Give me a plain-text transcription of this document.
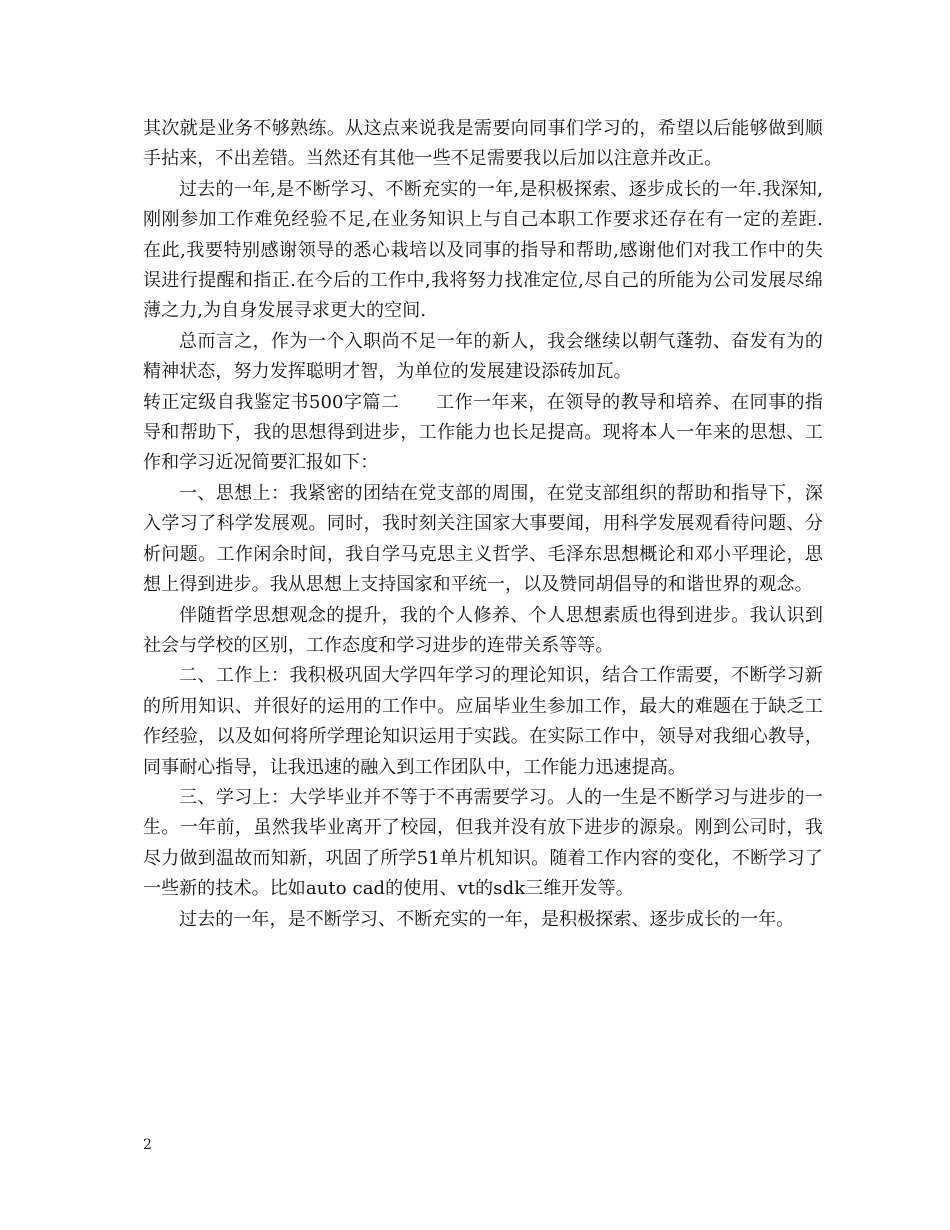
其次就是业务不够熟练。从这点来说我是需要向同事们学习的，希望以后能够做到顺手拈来，不出差错。当然还有其他一些不足需要我以后加以注意并改正。

过去的一年,是不断学习、不断充实的一年,是积极探索、逐步成长的一年.我深知,刚刚参加工作难免经验不足,在业务知识上与自己本职工作要求还存在有一定的差距.在此,我要特别感谢领导的悉心栽培以及同事的指导和帮助,感谢他们对我工作中的失误进行提醒和指正.在今后的工作中,我将努力找准定位,尽自己的所能为公司发展尽绵薄之力,为自身发展寻求更大的空间.

总而言之，作为一个入职尚不足一年的新人，我会继续以朝气蓬勃、奋发有为的精神状态，努力发挥聪明才智，为单位的发展建设添砖加瓦。

转正定级自我鉴定书500字篇二　　工作一年来，在领导的教导和培养、在同事的指导和帮助下，我的思想得到进步，工作能力也长足提高。现将本人一年来的思想、工作和学习近况简要汇报如下：

一、思想上：我紧密的团结在党支部的周围，在党支部组织的帮助和指导下，深入学习了科学发展观。同时，我时刻关注国家大事要闻，用科学发展观看待问题、分析问题。工作闲余时间，我自学马克思主义哲学、毛泽东思想概论和邓小平理论，思想上得到进步。我从思想上支持国家和平统一，以及赞同胡倡导的和谐世界的观念。

伴随哲学思想观念的提升，我的个人修养、个人思想素质也得到进步。我认识到社会与学校的区别，工作态度和学习进步的连带关系等等。

二、工作上：我积极巩固大学四年学习的理论知识，结合工作需要，不断学习新的所用知识、并很好的运用的工作中。应届毕业生参加工作，最大的难题在于缺乏工作经验，以及如何将所学理论知识运用于实践。在实际工作中，领导对我细心教导，同事耐心指导，让我迅速的融入到工作团队中，工作能力迅速提高。

三、学习上：大学毕业并不等于不再需要学习。人的一生是不断学习与进步的一生。一年前，虽然我毕业离开了校园，但我并没有放下进步的源泉。刚到公司时，我尽力做到温故而知新，巩固了所学51单片机知识。随着工作内容的变化，不断学习了一些新的技术。比如auto cad的使用、vt的sdk三维开发等。

过去的一年，是不断学习、不断充实的一年，是积极探索、逐步成长的一年。

2
